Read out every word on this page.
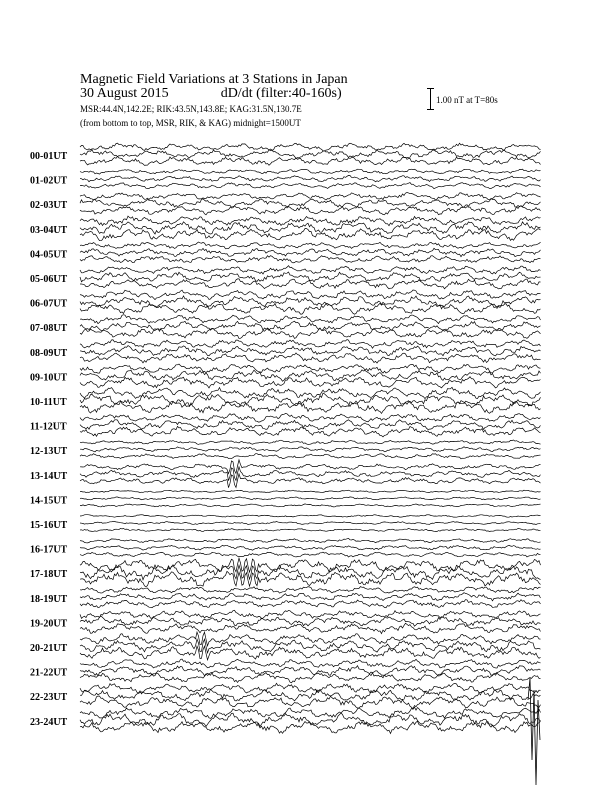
Magnetic Field Variations at 3 Stations in Japan
30 August 2015	dD/dt (filter:40-160s)
MSR:44.4N,142.2E; RIK:43.5N,143.8E; KAG:31.5N,130.7E
(from bottom to top, MSR, RIK, & KAG) midnight=1500UT
1.00 nT at T=80s
00-01UT
01-02UT
02-03UT
03-04UT
04-05UT
05-06UT
06-07UT
07-08UT
08-09UT
09-10UT
10-11UT
11-12UT
12-13UT
13-14UT
14-15UT
15-16UT
16-17UT
17-18UT
18-19UT
19-20UT
20-21UT
21-22UT
22-23UT
23-24UT
